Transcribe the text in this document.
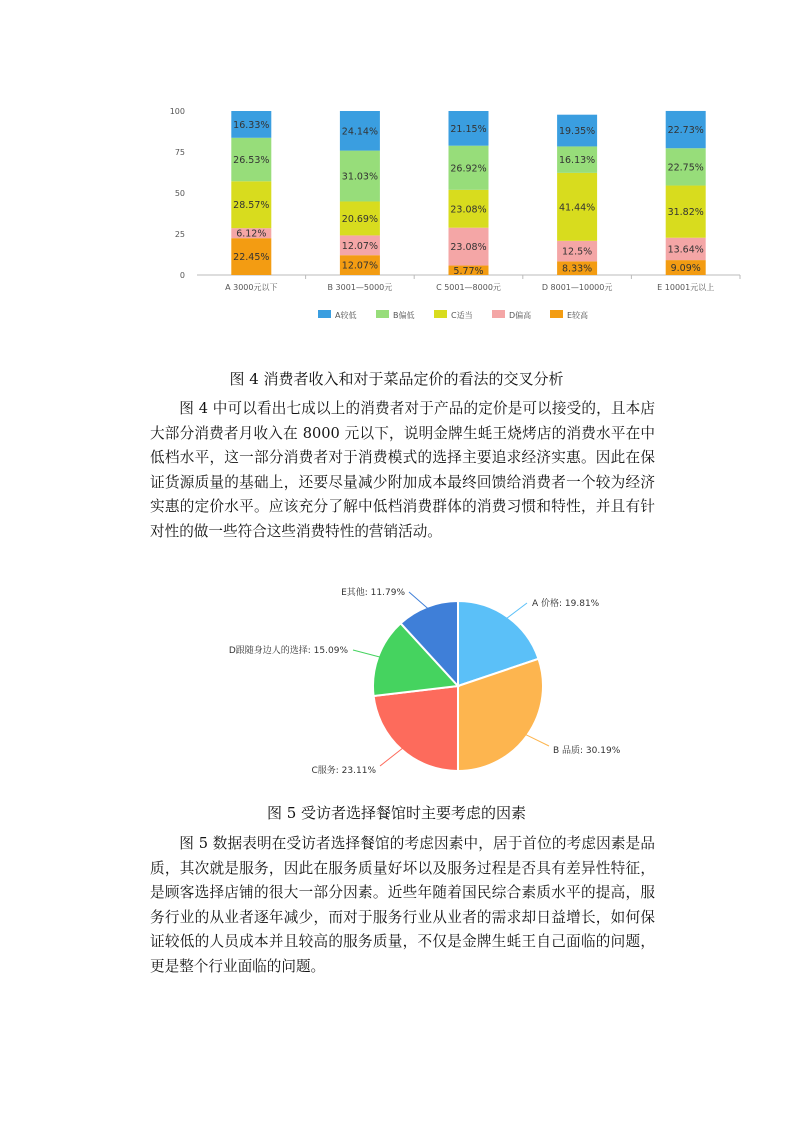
0
25
50
75
100
22.45%
6.12%
28.57%
26.53%
16.33%
12.07%
12.07%
20.69%
31.03%
24.14%
5.77%
23.08%
23.08%
26.92%
21.15%
8.33%
12.5%
41.44%
16.13%
19.35%
9.09%
13.64%
31.82%
22.75%
22.73%
A 3000元以下	B 3001—5000元	C 5001—8000元	D 8001—10000元	E 10001元以上
A较低	B偏低	C适当	D偏高	E较高
图 4 消费者收入和对于菜品定价的看法的交叉分析

图 4 中可以看出七成以上的消费者对于产品的定价是可以接受的，且本店大部分消费者月收入在 8000 元以下，说明金牌生蚝王烧烤店的消费水平在中低档水平，这一部分消费者对于消费模式的选择主要追求经济实惠。因此在保证货源质量的基础上，还要尽量减少附加成本最终回馈给消费者一个较为经济实惠的定价水平。应该充分了解中低档消费群体的消费习惯和特性，并且有针对性的做一些符合这些消费特性的营销活动。

A 价格: 19.81%
B 品质: 30.19%
C服务: 23.11%
D跟随身边人的选择: 15.09%
E其他: 11.79%
图 5 受访者选择餐馆时主要考虑的因素

图 5 数据表明在受访者选择餐馆的考虑因素中，居于首位的考虑因素是品质，其次就是服务，因此在服务质量好坏以及服务过程是否具有差异性特征，是顾客选择店铺的很大一部分因素。近些年随着国民综合素质水平的提高，服务行业的从业者逐年减少，而对于服务行业从业者的需求却日益增长，如何保证较低的人员成本并且较高的服务质量，不仅是金牌生蚝王自己面临的问题，更是整个行业面临的问题。
